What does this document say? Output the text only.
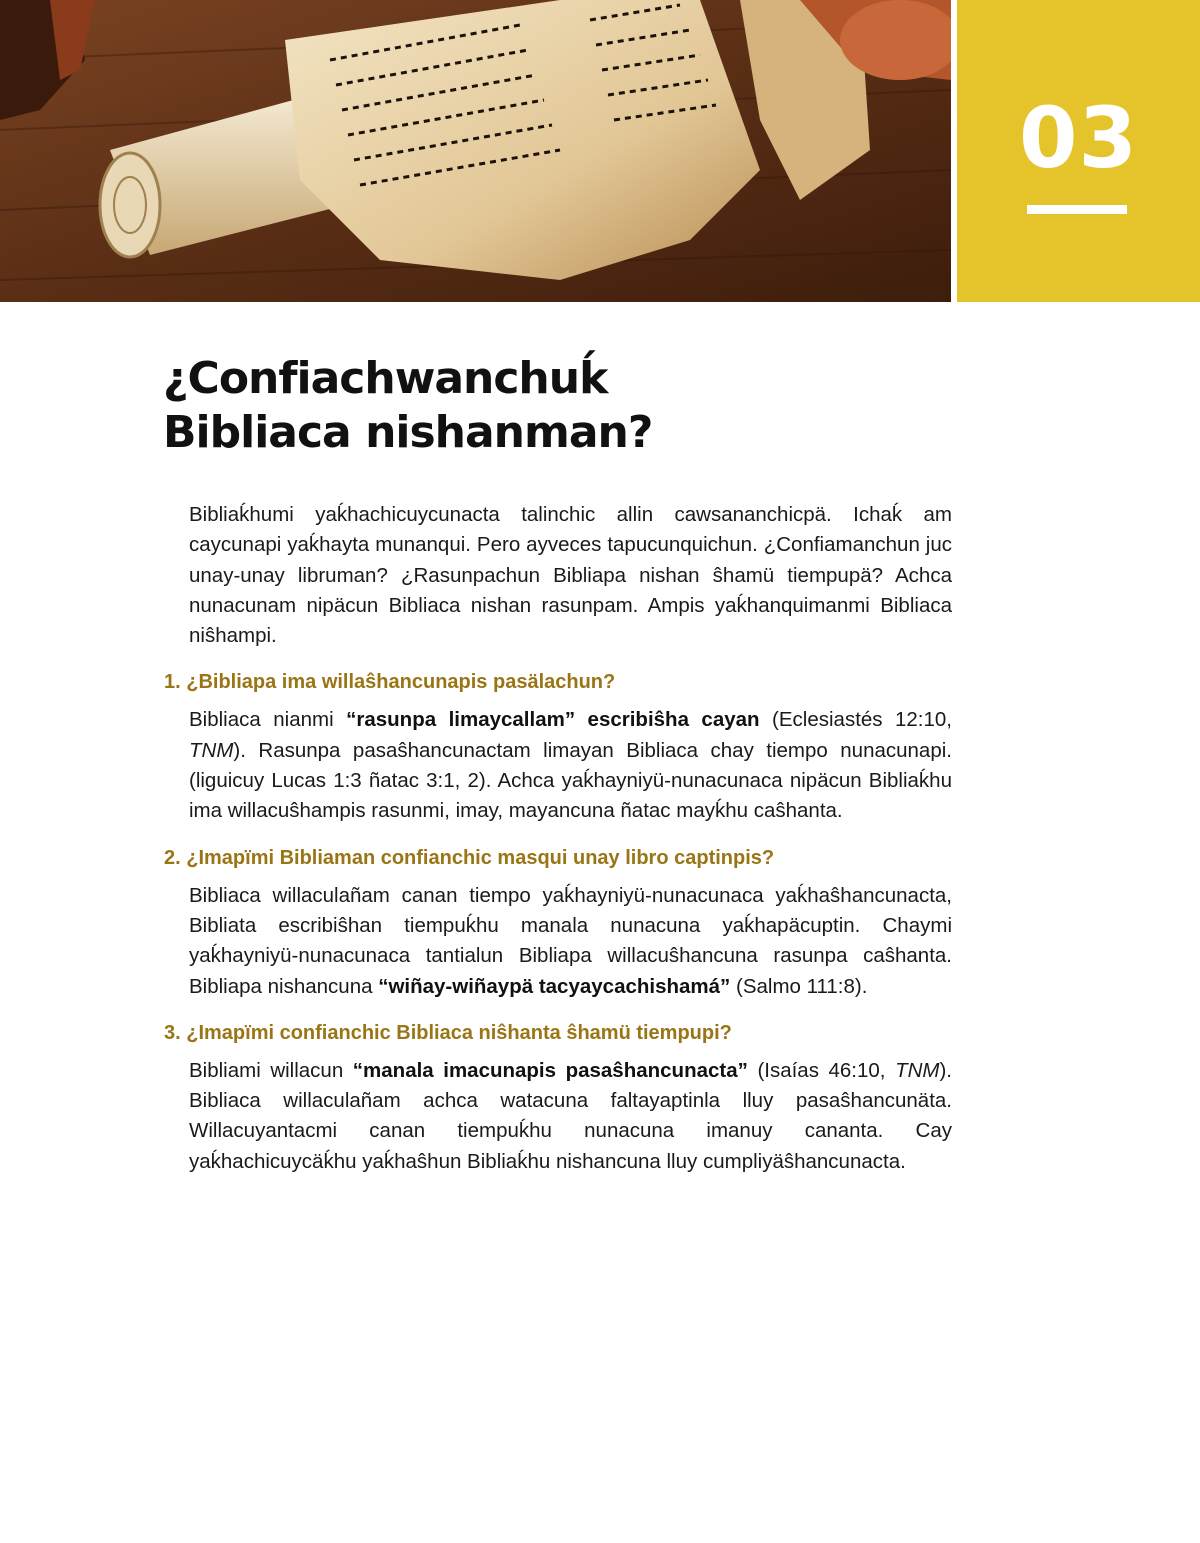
03
¿Confiachwanchuḱ
Bibliaca nishanman?

Bibliaḱhumi yaḱhachicuycunacta talinchic allin cawsananchicpä. Ichaḱ am caycunapi yaḱhayta munanqui. Pero ayveces tapucunquichun. ¿Confiamanchun juc unay-unay libruman? ¿Rasunpachun Bibliapa nishan ŝhamü tiempupä? Achca nunacunam nipäcun Bibliaca nishan rasunpam. Ampis yaḱhanquimanmi Bibliaca niŝhampi.

1. ¿Bibliapa ima willaŝhancunapis pasälachun?

Bibliaca nianmi “rasunpa limaycallam” escribiŝha cayan (Eclesiastés 12:10, TNM). Rasunpa pasaŝhancunactam limayan Bibliaca chay tiempo nunacunapi. (liguicuy Lucas 1:3 ñatac 3:1, 2). Achca yaḱhayniyü-nunacunaca nipäcun Bibliaḱhu ima willacuŝhampis rasunmi, imay, mayancuna ñatac mayḱhu caŝhanta.

2. ¿Imapïmi Bibliaman confianchic masqui unay libro captinpis?

Bibliaca willaculañam canan tiempo yaḱhayniyü-nunacunaca yaḱhaŝhancunacta, Bibliata escribiŝhan tiempuḱhu manala nunacuna yaḱhapäcuptin. Chaymi yaḱhayniyü-nunacunaca tantialun Bibliapa willacuŝhancuna rasunpa caŝhanta. Bibliapa nishancuna “wiñay-wiñaypä tacyaycachishamá” (Salmo 111:8).

3. ¿Imapïmi confianchic Bibliaca niŝhanta ŝhamü tiempupi?

Bibliami willacun “manala imacunapis pasaŝhancunacta” (Isaías 46:10, TNM). Bibliaca willaculañam achca watacuna faltayaptinla lluy pasaŝhancunäta. Willacuyantacmi canan tiempuḱhu nunacuna imanuy cananta. Cay yaḱhachicuycäḱhu yaḱhaŝhun Bibliaḱhu nishancuna lluy cumpliyäŝhancunacta.
